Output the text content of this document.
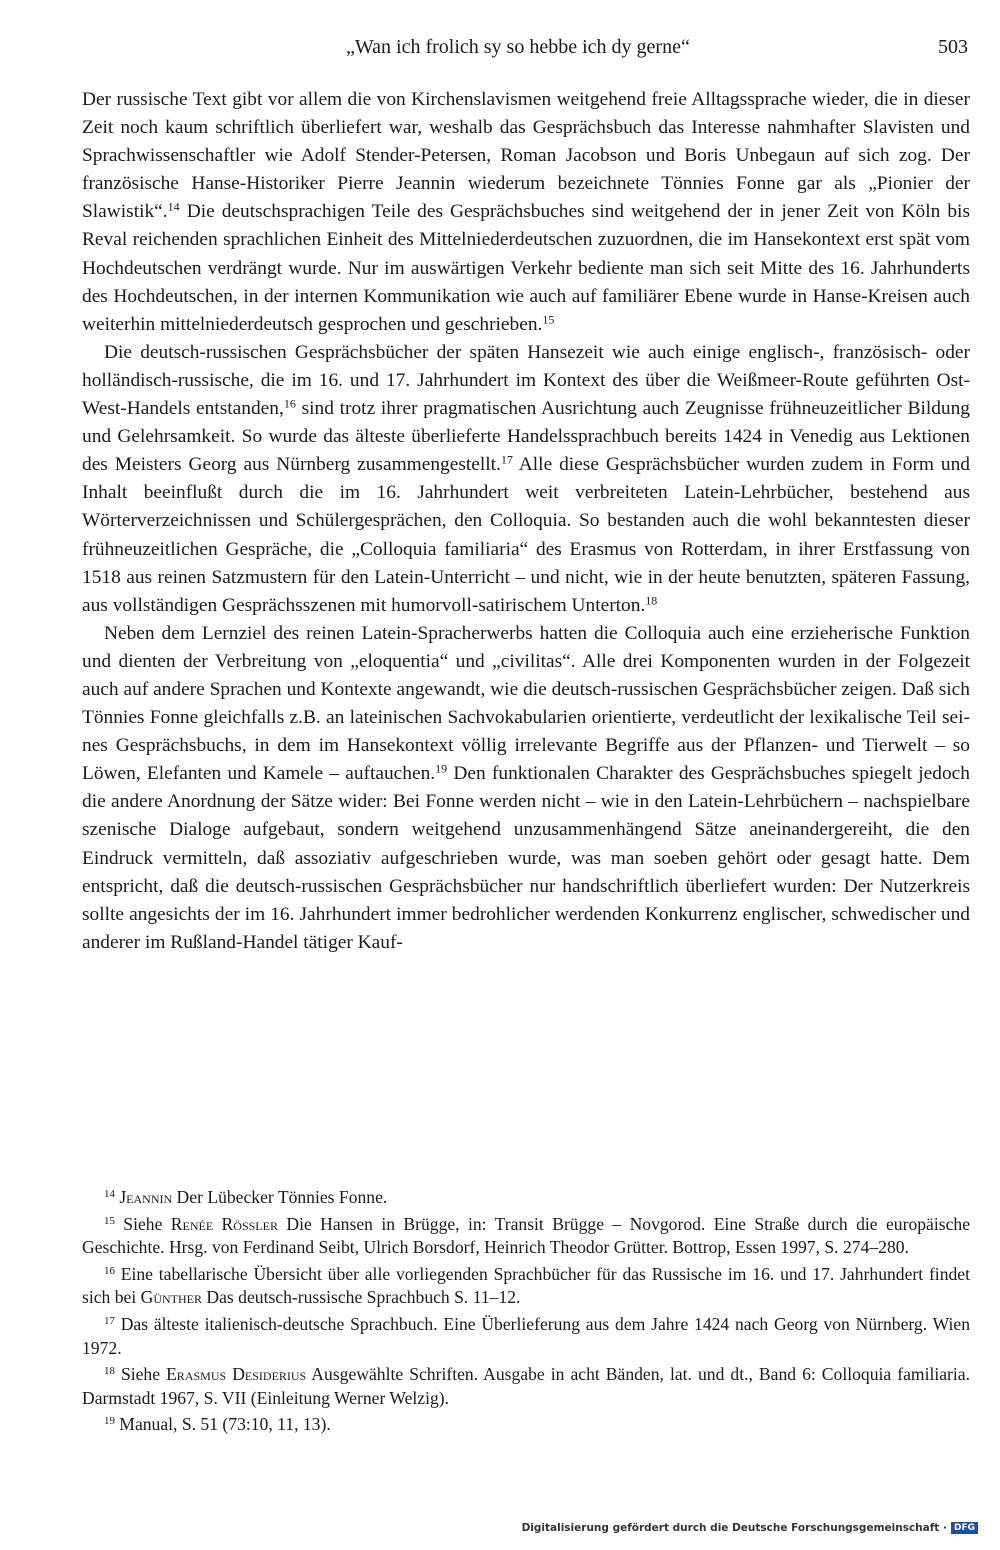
„Wan ich frolich sy so hebbe ich dy gerne“	503

Der russische Text gibt vor allem die von Kirchenslavismen weitgehend freie Alltagssprache wieder, die in dieser Zeit noch kaum schriftlich überliefert war, weshalb das Gesprächsbuch das Interesse nahmhafter Slavisten und Sprachwissenschaftler wie Adolf Stender-Petersen, Roman Jacobson und Boris Unbegaun auf sich zog. Der französische Hanse-Historiker Pierre Jeannin wiederum bezeichnete Tönnies Fonne gar als „Pionier der Slawistik“.$^{14}$ Die deutschsprachigen Teile des Gesprächsbuches sind weitgehend der in jener Zeit von Köln bis Reval reichenden sprachlichen Einheit des Mittelniederdeutschen zuzuordnen, die im Hansekontext erst spät vom Hochdeutschen verdrängt wurde. Nur im auswärtigen Verkehr bediente man sich seit Mitte des 16. Jahrhunderts des Hochdeutschen, in der internen Kommunikation wie auch auf familiärer Ebene wurde in Hanse-Kreisen auch weiterhin mittelniederdeutsch gesprochen und geschrieben.$^{15}$

Die deutsch-russischen Gesprächsbücher der späten Hansezeit wie auch einige englisch-, französisch- oder holländisch-russische, die im 16. und 17. Jahrhundert im Kontext des über die Weißmeer-Route geführten Ost-West-Handels entstanden,$^{16}$ sind trotz ihrer pragmatischen Ausrichtung auch Zeugnisse frühneuzeitlicher Bildung und Gelehrsamkeit. So wurde das älteste überlieferte Handelssprachbuch bereits 1424 in Venedig aus Lektionen des Meisters Georg aus Nürnberg zusammengestellt.$^{17}$ Alle diese Gesprächsbücher wurden zudem in Form und Inhalt beeinflußt durch die im 16. Jahrhundert weit verbreiteten Latein-Lehrbücher, bestehend aus Wörterverzeichnissen und Schülergesprächen, den Colloquia. So bestanden auch die wohl bekanntesten dieser frühneuzeitlichen Gespräche, die „Colloquia familiaria“ des Erasmus von Rotterdam, in ihrer Erstfassung von 1518 aus reinen Satzmustern für den Latein-Unterricht – und nicht, wie in der heute benutzten, späteren Fassung, aus vollständigen Gesprächsszenen mit humorvoll-satirischem Unterton.$^{18}$

Neben dem Lernziel des reinen Latein-Spracherwerbs hatten die Colloquia auch eine erzieherische Funktion und dienten der Verbreitung von „eloquentia“ und „civilitas“. Alle drei Komponenten wurden in der Folgezeit auch auf andere Sprachen und Kontexte angewandt, wie die deutsch-russischen Gesprächsbücher zeigen. Daß sich Tönnies Fonne gleichfalls z.B. an lateinischen Sachvokabularien orientierte, verdeutlicht der lexikalische Teil seines Gesprächsbuchs, in dem im Hansekontext völlig irrelevante Begriffe aus der Pflanzen- und Tierwelt – so Löwen, Elefanten und Kamele – auftauchen.$^{19}$ Den funktionalen Charakter des Gesprächsbuches spiegelt jedoch die andere Anordnung der Sätze wider: Bei Fonne werden nicht – wie in den Latein-Lehrbüchern – nachspielbare szenische Dialoge aufgebaut, sondern weitgehend unzusammenhängend Sätze aneinandergereiht, die den Eindruck vermitteln, daß assoziativ aufgeschrieben wurde, was man soeben gehört oder gesagt hatte. Dem entspricht, daß die deutsch-russischen Gesprächsbücher nur handschriftlich überliefert wurden: Der Nutzerkreis sollte angesichts der im 16. Jahrhundert immer bedrohlicher werdenden Konkurrenz englischer, schwedischer und anderer im Rußland-Handel tätiger Kauf-

$^{14}$ Jeannin Der Lübecker Tönnies Fonne.

$^{15}$ Siehe Renée Rößler Die Hansen in Brügge, in: Transit Brügge – Novgorod. Eine Straße durch die europäische Geschichte. Hrsg. von Ferdinand Seibt, Ulrich Borsdorf, Heinrich Theodor Grütter. Bottrop, Essen 1997, S. 274–280.

$^{16}$ Eine tabellarische Übersicht über alle vorliegenden Sprachbücher für das Russische im 16. und 17. Jahrhundert findet sich bei Günther Das deutsch-russische Sprachbuch S. 11–12.

$^{17}$ Das älteste italienisch-deutsche Sprachbuch. Eine Überlieferung aus dem Jahre 1424 nach Georg von Nürnberg. Wien 1972.

$^{18}$ Siehe Erasmus Desiderius Ausgewählte Schriften. Ausgabe in acht Bänden, lat. und dt., Band 6: Colloquia familiaria. Darmstadt 1967, S. VII (Einleitung Werner Welzig).

$^{19}$ Manual, S. 51 (73:10, 11, 13).

Digitalisierung gefördert durch die Deutsche Forschungsgemeinschaft · DFG
